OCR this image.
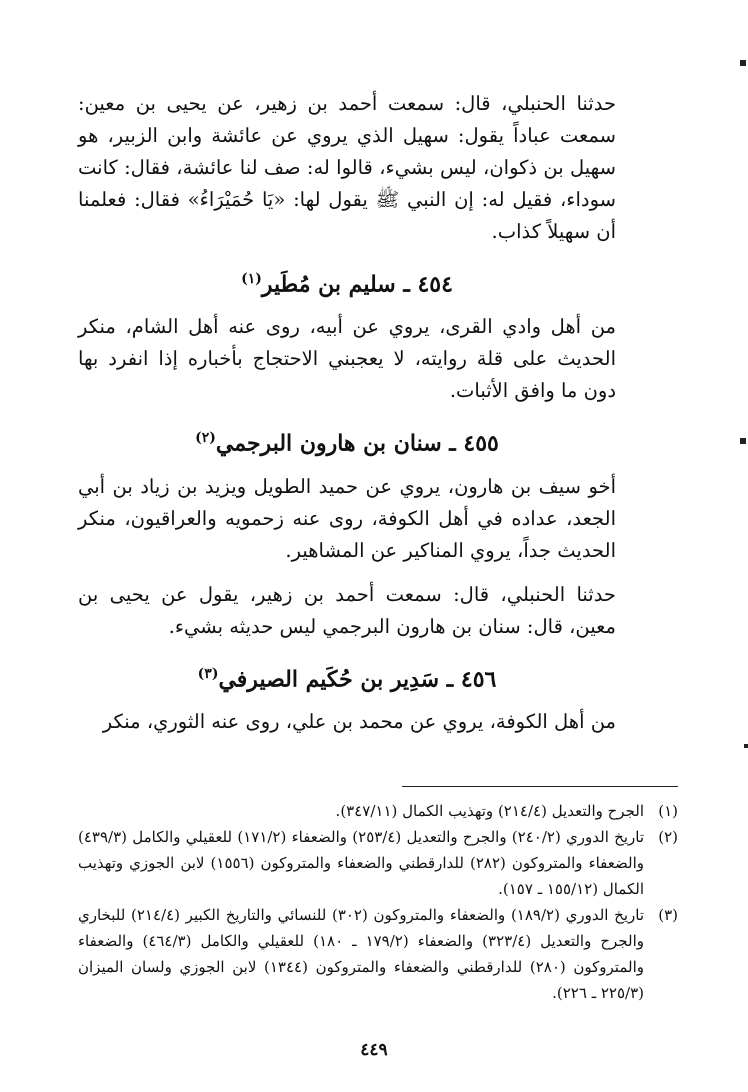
حدثنا الحنبلي، قال: سمعت أحمد بن زهير، عن يحيى بن معين: سمعت عباداً يقول: سهيل الذي يروي عن عائشة وابن الزبير، هو سهيل بن ذكوان، ليس بشيء، قالوا له: صف لنا عائشة، فقال: كانت سوداء، فقيل له: إن النبي ﷺ يقول لها: «يَا حُمَيْرَاءُ» فقال: فعلمنا أن سهيلاً كذاب.

٤٥٤ ـ سليم بن مُطَير$^{(١)}$

من أهل وادي القرى، يروي عن أبيه، روى عنه أهل الشام، منكر الحديث على قلة روايته، لا يعجبني الاحتجاج بأخباره إذا انفرد بها دون ما وافق الأثبات.

٤٥٥ ـ سنان بن هارون البرجمي$^{(٢)}$

أخو سيف بن هارون، يروي عن حميد الطويل ويزيد بن زياد بن أبي الجعد، عداده في أهل الكوفة، روى عنه زحمويه والعراقيون، منكر الحديث جداً، يروي المناكير عن المشاهير.

حدثنا الحنبلي، قال: سمعت أحمد بن زهير، يقول عن يحيى بن معين، قال: سنان بن هارون البرجمي ليس حديثه بشيء.

٤٥٦ ـ سَدِير بن حُكَيم الصيرفي$^{(٣)}$

من أهل الكوفة، يروي عن محمد بن علي، روى عنه الثوري، منكر

(١)
الجرح والتعديل (٢١٤/٤) وتهذيب الكمال (٣٤٧/١١).
(٢)
تاريخ الدوري (٢٤٠/٢) والجرح والتعديل (٢٥٣/٤) والضعفاء (١٧١/٢) للعقيلي والكامل (٤٣٩/٣) والضعفاء والمتروكون (٢٨٢) للدارقطني والضعفاء والمتروكون (١٥٥٦) لابن الجوزي وتهذيب الكمال (١٥٥/١٢ ـ ١٥٧).
(٣)
تاريخ الدوري (١٨٩/٢) والضعفاء والمتروكون (٣٠٢) للنسائي والتاريخ الكبير (٢١٤/٤) للبخاري والجرح والتعديل (٣٢٣/٤) والضعفاء (١٧٩/٢ ـ ١٨٠) للعقيلي والكامل (٤٦٤/٣) والضعفاء والمتروكون (٢٨٠) للدارقطني والضعفاء والمتروكون (١٣٤٤) لابن الجوزي ولسان الميزان (٢٢٥/٣ ـ ٢٢٦).
٤٤٩
